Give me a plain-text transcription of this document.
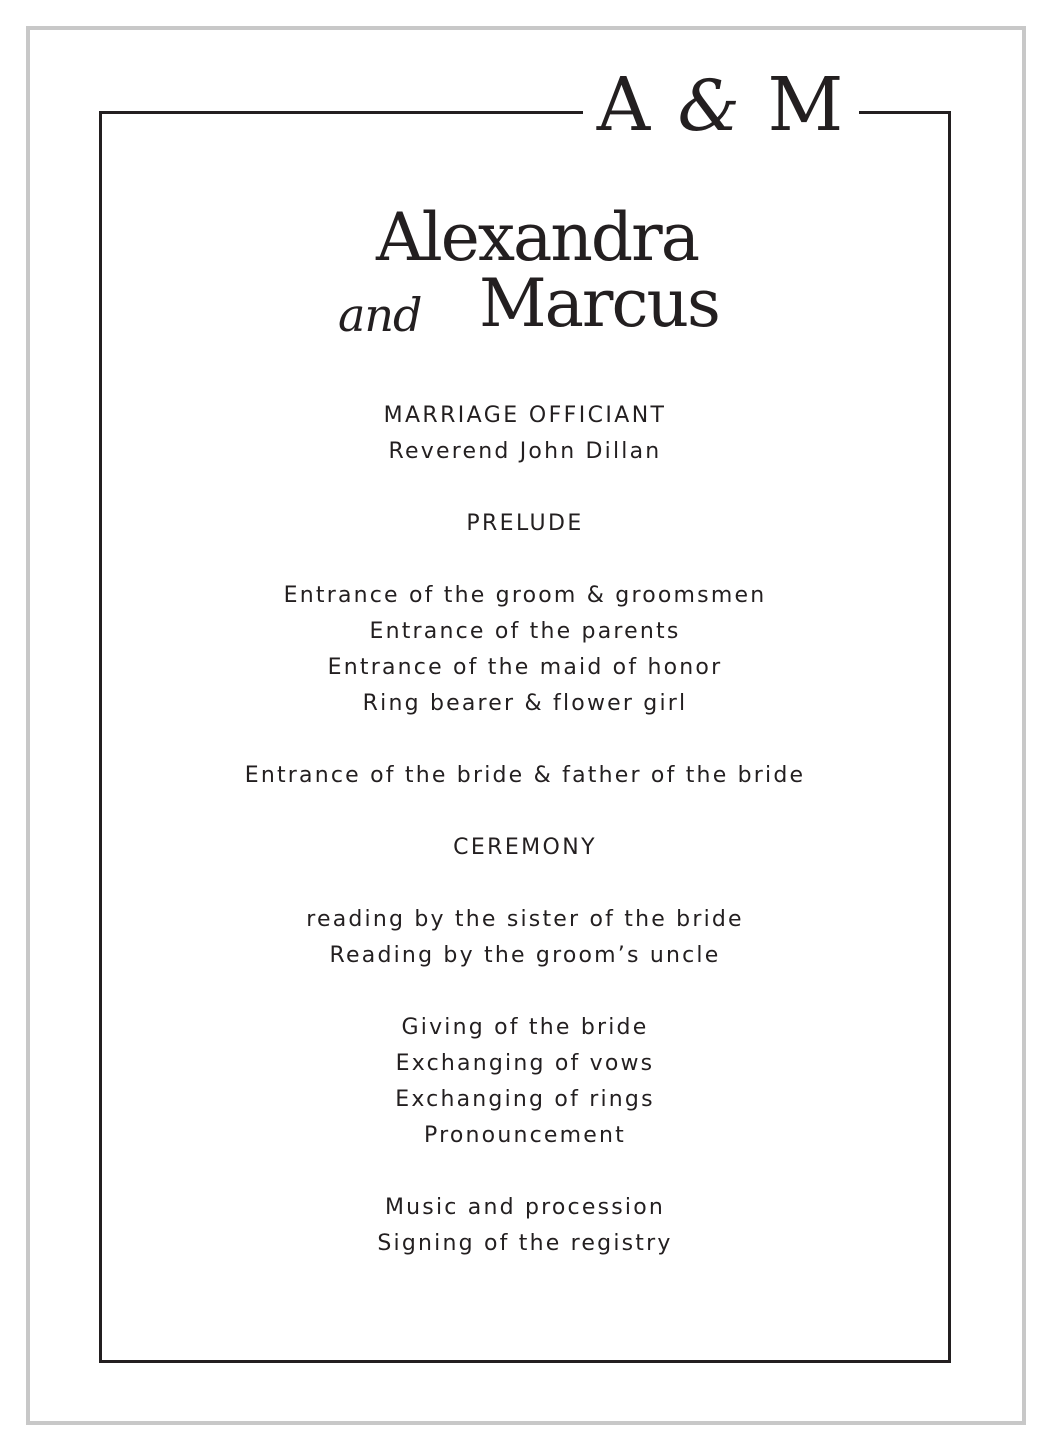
A & M
Alexandra
and Marcus
MARRIAGE OFFICIANT
Reverend John Dillan
PRELUDE
Entrance of the groom & groomsmen
Entrance of the parents
Entrance of the maid of honor
Ring bearer & flower girl
Entrance of the bride & father of the bride
CEREMONY
reading by the sister of the bride
Reading by the groom’s uncle
Giving of the bride
Exchanging of vows
Exchanging of rings
Pronouncement
Music and procession
Signing of the registry
